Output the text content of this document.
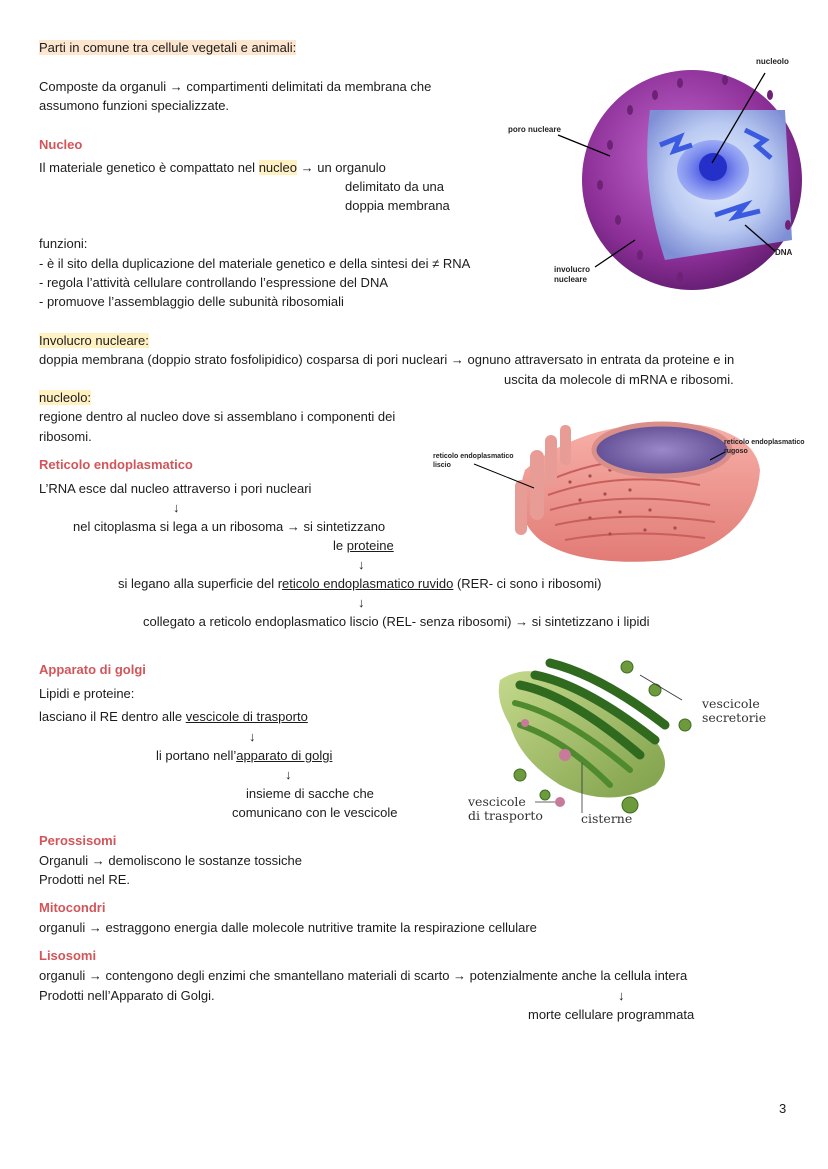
Parti in comune tra cellule vegetali e animali:
Composte da organuli → compartimenti delimitati da membrana che
assumono funzioni specializzate.
Nucleo
Il materiale genetico è compattato nel nucleo → un organulo
delimitato da una
doppia membrana
funzioni:
- è il sito della duplicazione del materiale genetico e della sintesi dei ≠ RNA
- regola l’attività cellulare controllando l’espressione del DNA
- promuove l’assemblaggio delle subunità ribosomiali
nucleolo
poro nucleare
DNA
involucro
nucleare
Involucro nucleare:
doppia membrana (doppio strato fosfolipidico) cosparsa di pori nucleari → ognuno attraversato in entrata da proteine e in
uscita da molecole di mRNA e ribosomi.
nucleolo:
regione dentro al nucleo dove si assemblano i componenti dei
ribosomi.
Reticolo endoplasmatico
L’RNA esce dal nucleo attraverso i pori nucleari
↓
nel citoplasma si lega a un ribosoma → si sintetizzano
le proteine
↓
si legano alla superficie del reticolo endoplasmatico ruvido (RER- ci sono i ribosomi)
↓
collegato a reticolo endoplasmatico liscio (REL- senza ribosomi) → si sintetizzano i lipidi
reticolo endoplasmatico
liscio
reticolo endoplasmatico
rugoso
Apparato di golgi
Lipidi e proteine:
lasciano il RE dentro alle vescicole di trasporto
↓
li portano nell’apparato di golgi
↓
insieme di sacche che
comunicano con le vescicole
vescicole
secretorie
vescicole
di trasporto	cisterne
Perossisomi
Organuli → demoliscono le sostanze tossiche
Prodotti nel RE.
Mitocondri
organuli → estraggono energia dalle molecole nutritive tramite la respirazione cellulare
Lisosomi
organuli → contengono degli enzimi che smantellano materiali di scarto → potenzialmente anche la cellula intera
Prodotti nell’Apparato di Golgi.	↓
morte cellulare programmata
3
